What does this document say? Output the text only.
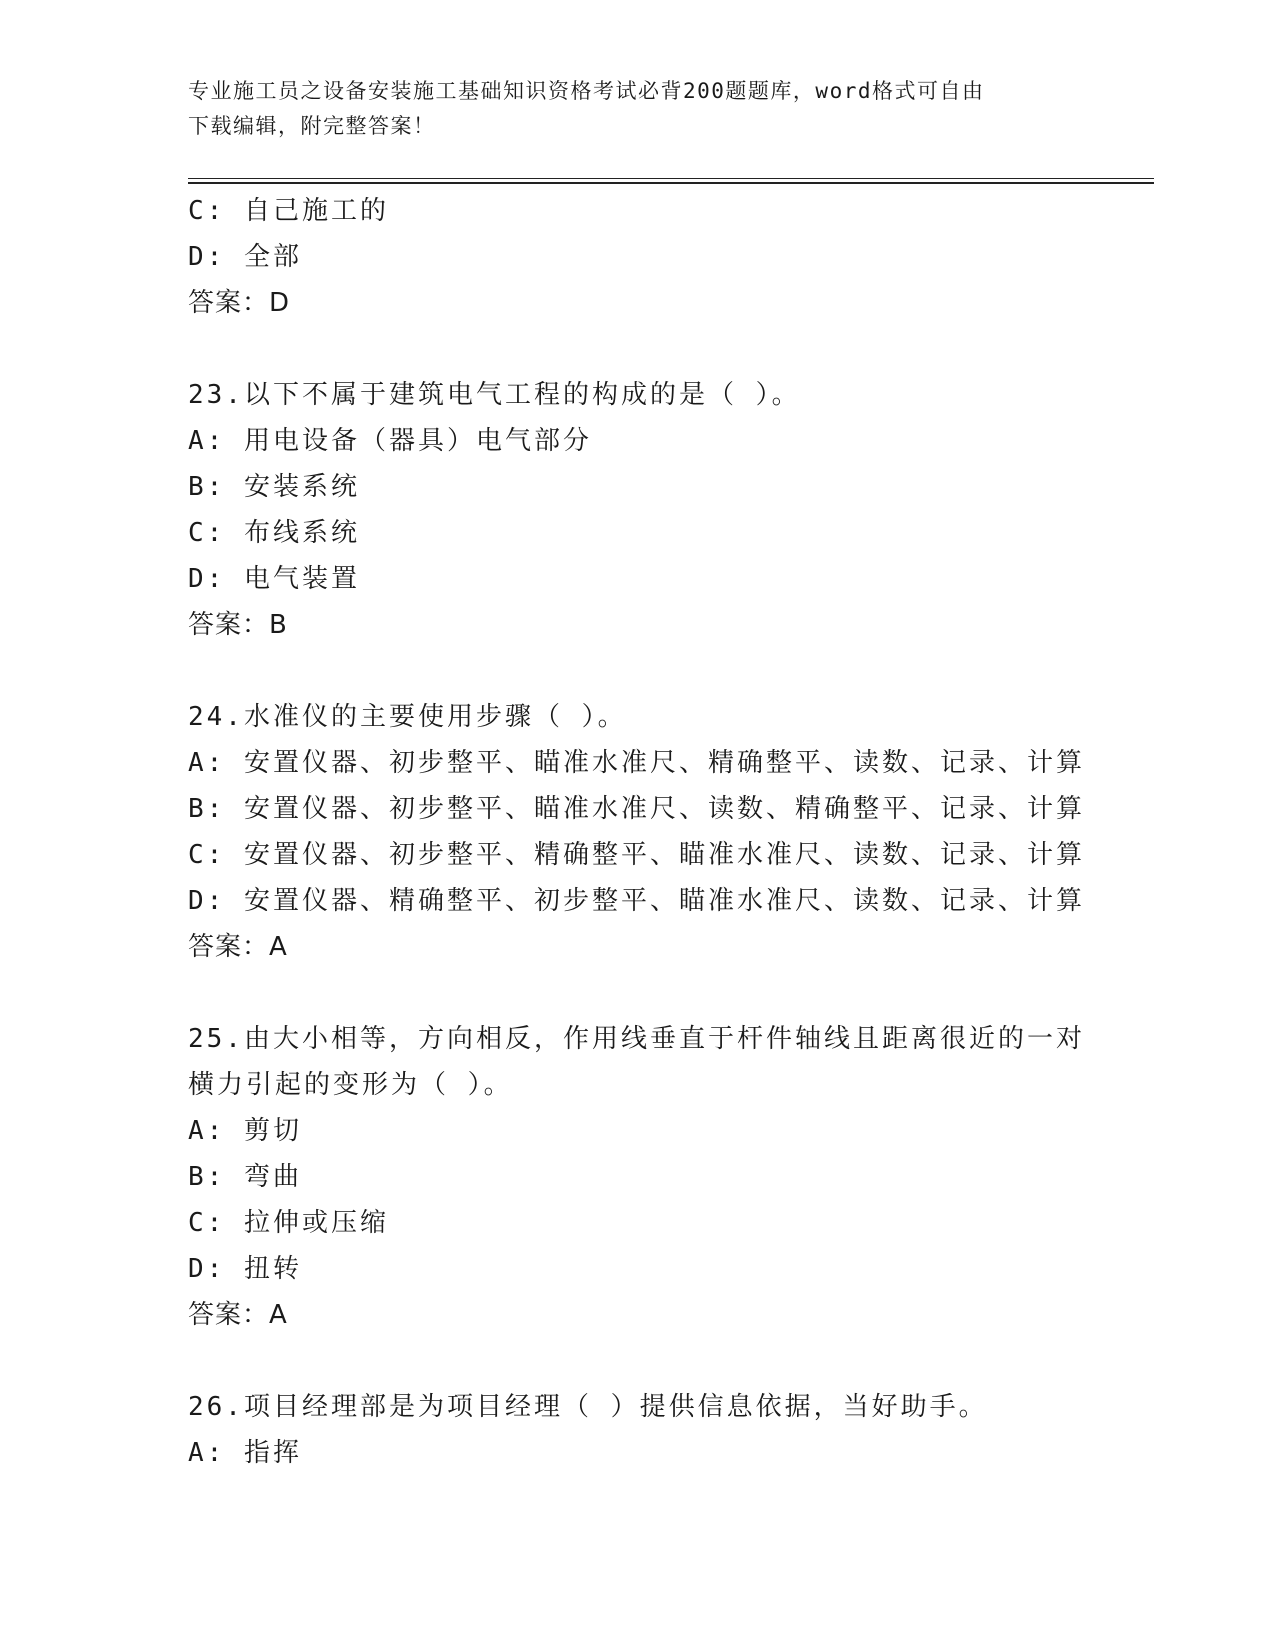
专业施工员之设备安装施工基础知识资格考试必背200题题库，word格式可自由
下载编辑，附完整答案！
C: 自己施工的
D: 全部
答案：D
23.以下不属于建筑电气工程的构成的是（ ）。
A: 用电设备（器具）电气部分
B: 安装系统
C: 布线系统
D: 电气装置
答案：B
24.水准仪的主要使用步骤（ ）。
A: 安置仪器、初步整平、瞄准水准尺、精确整平、读数、记录、计算
B: 安置仪器、初步整平、瞄准水准尺、读数、精确整平、记录、计算
C: 安置仪器、初步整平、精确整平、瞄准水准尺、读数、记录、计算
D: 安置仪器、精确整平、初步整平、瞄准水准尺、读数、记录、计算
答案：A
25.由大小相等，方向相反，作用线垂直于杆件轴线且距离很近的一对
横力引起的变形为（ ）。
A: 剪切
B: 弯曲
C: 拉伸或压缩
D: 扭转
答案：A
26.项目经理部是为项目经理（ ）提供信息依据，当好助手。
A: 指挥
